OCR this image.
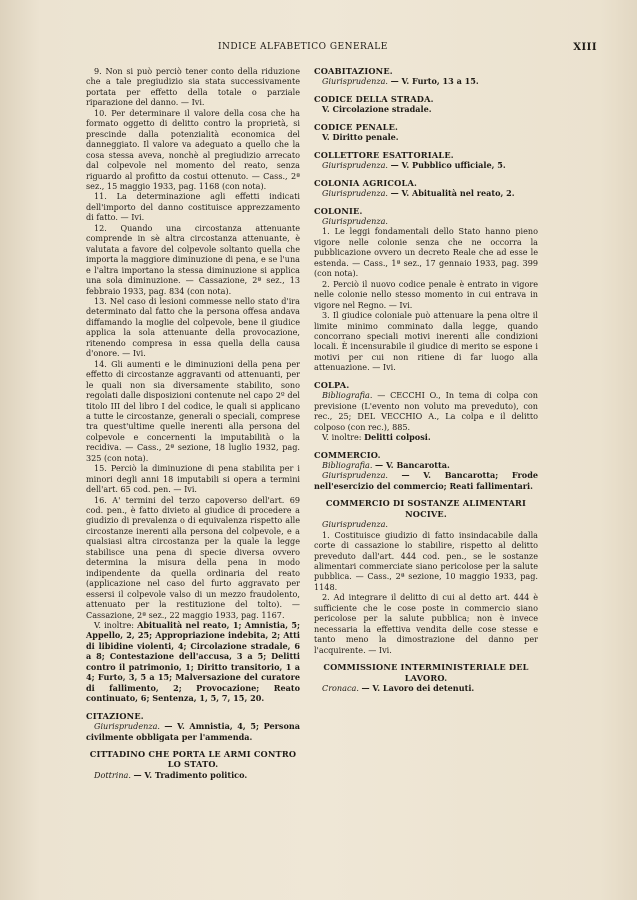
INDICE ALFABETICO GENERALE	XIII

9. Non si può perciò tener conto della riduzione che a tale pregiudizio sia stata successivamente portata per effetto della totale o parziale riparazione del danno. — Ivi.

10. Per determinare il valore della cosa che ha formato oggetto di delitto contro la proprietà, si prescinde dalla potenzialità economica del danneggiato. Il valore va adeguato a quello che la cosa stessa aveva, nonchè al pregiudizio arrecato dal colpevole nel momento del reato, senza riguardo al profitto da costui ottenuto. — Cass., 2ª sez., 15 maggio 1933, pag. 1168 (con nota).

11. La determinazione agli effetti indicati dell'importo del danno costituisce apprezzamento di fatto. — Ivi.

12. Quando una circostanza attenuante comprende in sè altra circostanza attenuante, è valutata a favore del colpevole soltanto quella che importa la maggiore diminuzione di pena, e se l'una e l'altra importano la stessa diminuzione si applica una sola diminuzione. — Cassazione, 2ª sez., 13 febbraio 1933, pag. 834 (con nota).

13. Nel caso di lesioni commesse nello stato d'ira determinato dal fatto che la persona offesa andava diffamando la moglie del colpevole, bene il giudice applica la sola attenuante della provocazione, ritenendo compresa in essa quella della causa d'onore. — Ivi.

14. Gli aumenti e le diminuzioni della pena per effetto di circostanze aggravanti od attenuanti, per le quali non sia diversamente stabilito, sono regolati dalle disposizioni contenute nel capo 2º del titolo III del libro I del codice, le quali si applicano a tutte le circostanze, generali o speciali, comprese tra quest'ultime quelle inerenti alla persona del colpevole e concernenti la imputabilità o la recidiva. — Cass., 2ª sezione, 18 luglio 1932, pag. 325 (con nota).

15. Perciò la diminuzione di pena stabilita per i minori degli anni 18 imputabili si opera a termini dell'art. 65 cod. pen. — Ivi.

16. A' termini del terzo capoverso dell'art. 69 cod. pen., è fatto divieto al giudice di procedere a giudizio di prevalenza o di equivalenza rispetto alle circostanze inerenti alla persona del colpevole, e a qualsiasi altra circostanza per la quale la legge stabilisce una pena di specie diversa ovvero determina la misura della pena in modo indipendente da quella ordinaria del reato (applicazione nel caso del furto aggravato per essersi il colpevole valso di un mezzo fraudolento, attenuato per la restituzione del tolto). — Cassazione, 2ª sez., 22 maggio 1933, pag. 1167.

V. inoltre: Abitualità nel reato, 1; Amnistia, 5; Appello, 2, 25; Appropriazione indebita, 2; Atti di libidine violenti, 4; Circolazione stradale, 6 a 8; Contestazione dell'accusa, 3 a 5; Delitti contro il patrimonio, 1; Diritto transitorio, 1 a 4; Furto, 3, 5 a 15; Malversazione del curatore di fallimento, 2; Provocazione; Reato continuato, 6; Sentenza, 1, 5, 7, 15, 20.

CITAZIONE.

Giurisprudenza. — V. Amnistia, 4, 5; Persona civilmente obbligata per l'ammenda.

CITTADINO CHE PORTA LE ARMI CONTRO LO STATO.

Dottrina. — V. Tradimento politico.

COABITAZIONE.

Giurisprudenza. — V. Furto, 13 a 15.

CODICE DELLA STRADA.

V. Circolazione stradale.

CODICE PENALE.

V. Diritto penale.

COLLETTORE ESATTORIALE.

Giurisprudenza. — V. Pubblico ufficiale, 5.

COLONIA AGRICOLA.

Giurisprudenza. — V. Abitualità nel reato, 2.

COLONIE.

Giurisprudenza.

1. Le leggi fondamentali dello Stato hanno pieno vigore nelle colonie senza che ne occorra la pubblicazione ovvero un decreto Reale che ad esse le estenda. — Cass., 1ª sez., 17 gennaio 1933, pag. 399 (con nota).

2. Perciò il nuovo codice penale è entrato in vigore nelle colonie nello stesso momento in cui entrava in vigore nel Regno. — Ivi.

3. Il giudice coloniale può attenuare la pena oltre il limite minimo comminato dalla legge, quando concorrano speciali motivi inerenti alle condizioni locali. È incensurabile il giudice di merito se espone i motivi per cui non ritiene di far luogo alla attenuazione. — Ivi.

COLPA.

Bibliografia. — CECCHI O., In tema di colpa con previsione (L'evento non voluto ma preveduto), con rec., 25; DEL VECCHIO A., La colpa e il delitto colposo (con rec.), 885.

V. inoltre: Delitti colposi.

COMMERCIO.

Bibliografia. — V. Bancarotta.

Giurisprudenza. — V. Bancarotta; Frode nell'esercizio del commercio; Reati fallimentari.

COMMERCIO DI SOSTANZE ALIMENTARI NOCIVE.

Giurisprudenza.

1. Costituisce giudizio di fatto insindacabile dalla corte di cassazione lo stabilire, rispetto al delitto preveduto dall'art. 444 cod. pen., se le sostanze alimentari commerciate siano pericolose per la salute pubblica. — Cass., 2ª sezione, 10 maggio 1933, pag. 1148.

2. Ad integrare il delitto di cui al detto art. 444 è sufficiente che le cose poste in commercio siano pericolose per la salute pubblica; non è invece necessaria la effettiva vendita delle cose stesse e tanto meno la dimostrazione del danno per l'acquirente. — Ivi.

COMMISSIONE INTERMINISTERIALE DEL LAVORO.

Cronaca. — V. Lavoro dei detenuti.
